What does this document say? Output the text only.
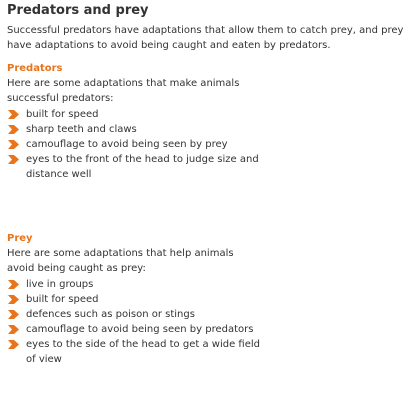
Predators and prey
Successful predators have adaptations that allow them to catch prey, and prey have adaptations to avoid being caught and eaten by predators.
Predators
Here are some adaptations that make animals successful predators:
built for speed
sharp teeth and claws
camouflage to avoid being seen by prey
eyes to the front of the head to judge size and distance well
Prey
Here are some adaptations that help animals avoid being caught as prey:
live in groups
built for speed
defences such as poison or stings
camouflage to avoid being seen by predators
eyes to the side of the head to get a wide field of view
